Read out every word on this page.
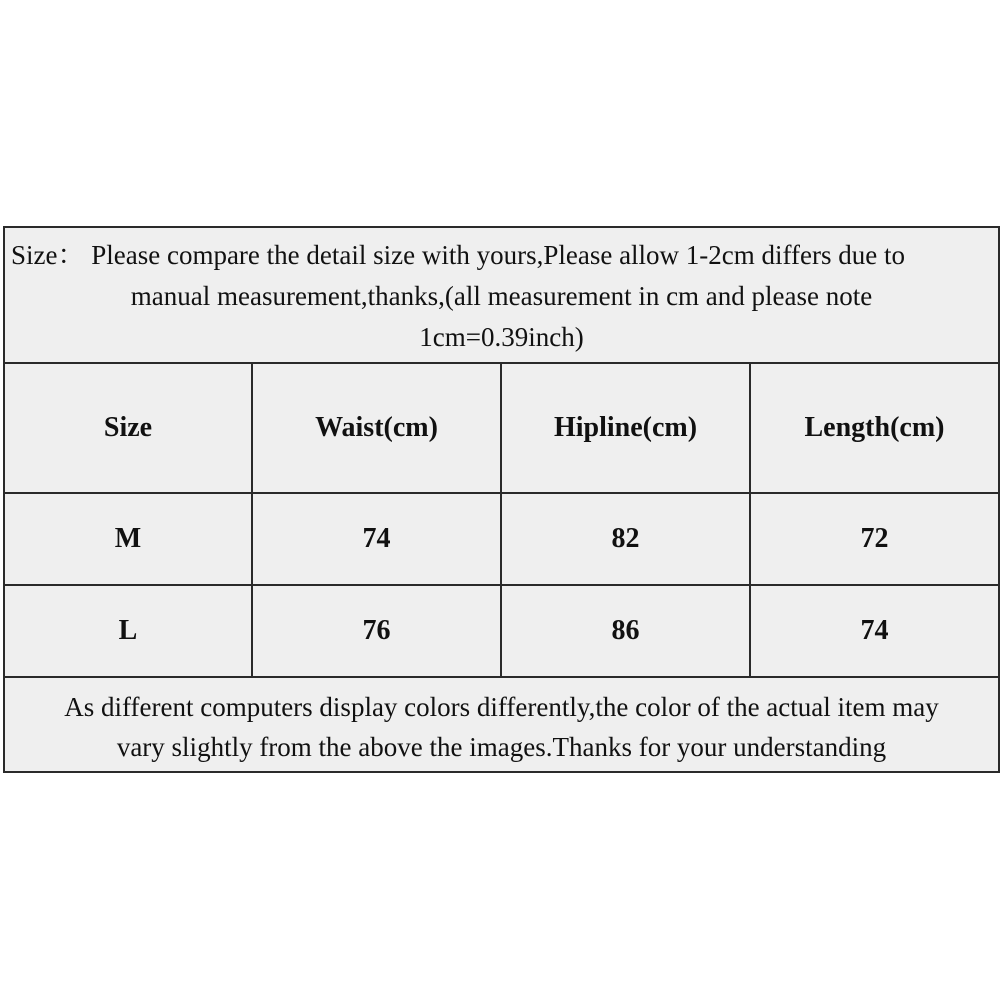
Size： Please compare the detail size with yours,Please allow 1-2cm differs due to
manual measurement,thanks,(all measurement in cm and please note
1cm=0.39inch)
Size	Waist(cm)	Hipline(cm)	Length(cm)
M	74	82	72
L	76	86	74
As different computers display colors differently,the color of the actual item may
vary slightly from the above the images.Thanks for your understanding
